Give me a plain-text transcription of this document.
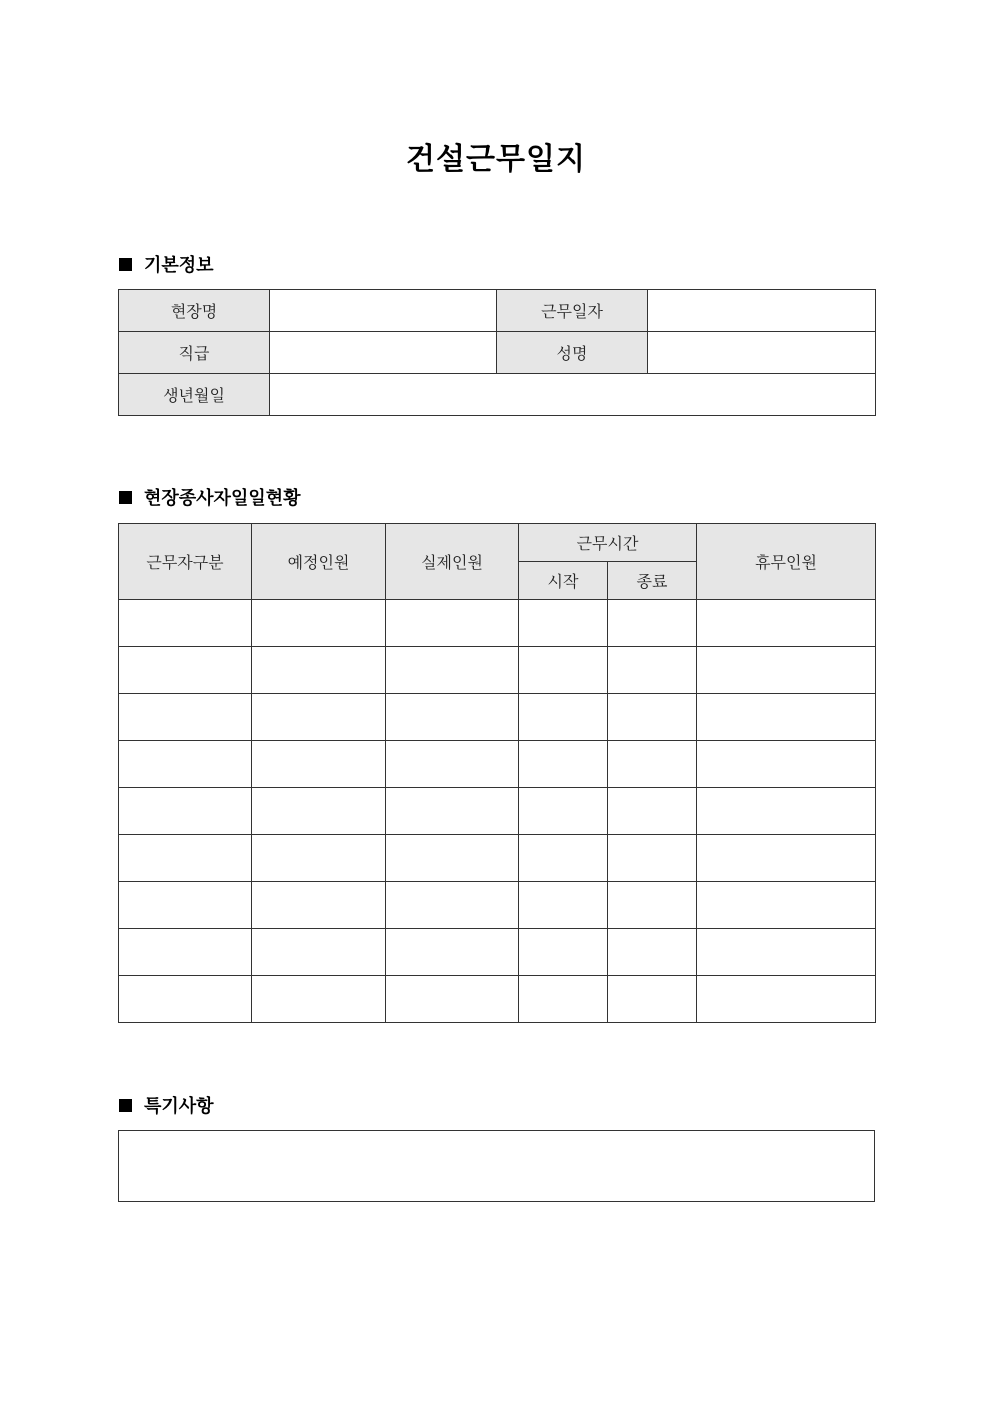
건설근무일지
기본정보
현장명		근무일자	
직급		성명	
생년월일			
현장종사자일일현황
근무자구분	예정인원	실제인원	근무시간		휴무인원
			시작	종료	

특기사항
